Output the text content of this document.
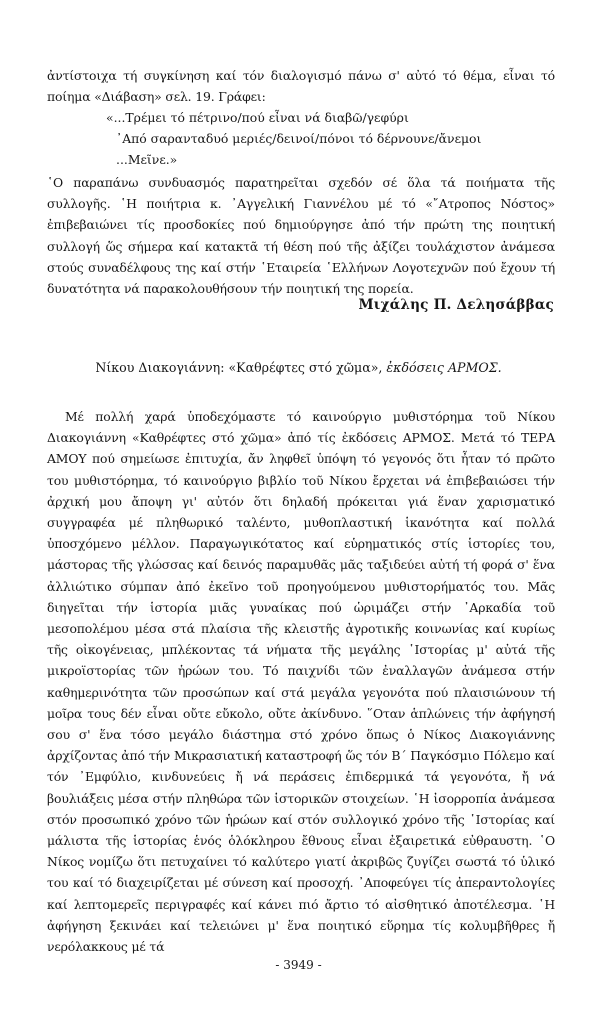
ἀντίστοιχα τή συγκίνηση καί τόν διαλογισμό πάνω σ' αὐτό τό θέμα, εἶναι τό ποίημα «Διάβαση» σελ. 19. Γράφει:

«...Τρέμει τό πέτρινο/πού εἶναι νά διαβῶ/γεφύρι

᾿Από σαρανταδυό μεριές/δεινοί/πόνοι τό δέρνουνε/ἄνεμοι

...Μεῖνε.»

῾Ο παραπάνω συνδυασμός παρατηρεῖται σχεδόν σέ ὅλα τά ποιήματα τῆς συλλογῆς. ῾Η ποιήτρια κ. ᾿Αγγελική Γιαννέλου μέ τό «῎Ατροπος Νόστος» ἐπιβεβαιώνει τίς προσδοκίες πού δημιούργησε ἀπό τήν πρώτη της ποιητική συλλογή ὥς σήμερα καί κατακτᾶ τή θέση πού τῆς ἀξίζει τουλάχιστον ἀνάμεσα στούς συναδέλφους της καί στήν ῾Εταιρεία ῾Ελλήνων Λογοτεχνῶν πού ἔχουν τή δυνατότητα νά παρακολουθήσουν τήν ποιητική της πορεία.

Μιχάλης Π. Δελησάββας

Νίκου Διακογιάννη: «Καθρέφτες στό χῶμα», ἐκδόσεις ΑΡΜΟΣ.

Μέ πολλή χαρά ὑποδεχόμαστε τό καινούργιο μυθιστόρημα τοῦ Νίκου Διακογιάννη «Καθρέφτες στό χῶμα» ἀπό τίς ἐκδόσεις ΑΡΜΟΣ. Μετά τό ΤΕΡΑ ΑΜΟΥ πού σημείωσε ἐπιτυχία, ἄν ληφθεῖ ὑπόψη τό γεγονός ὅτι ἦταν τό πρῶτο του μυθιστόρημα, τό καινούργιο βιβλίο τοῦ Νίκου ἔρχεται νά ἐπιβεβαιώσει τήν ἀρχική μου ἄποψη γι' αὐτόν ὅτι δηλαδή πρόκειται γιά ἕναν χαρισματικό συγγραφέα μέ πληθωρικό ταλέντο, μυθοπλαστική ἱκανότητα καί πολλά ὑποσχόμενο μέλλον. Παραγωγικότατος καί εὑρηματικός στίς ἱστορίες του, μάστορας τῆς γλώσσας καί δεινός παραμυθᾶς μᾶς ταξιδεύει αὐτή τή φορά σ' ἕνα ἀλλιώτικο σύμπαν ἀπό ἐκεῖνο τοῦ προηγούμενου μυθιστορήματός του. Μᾶς διηγεῖται τήν ἱστορία μιᾶς γυναίκας πού ὡριμάζει στήν ᾿Αρκαδία τοῦ μεσοπολέμου μέσα στά πλαίσια τῆς κλειστῆς ἀγροτικῆς κοινωνίας καί κυρίως τῆς οἰκογένειας, μπλέκοντας τά νήματα τῆς μεγάλης ῾Ιστορίας μ' αὐτά τῆς μικροϊστορίας τῶν ἡρώων του. Τό παιχνίδι τῶν ἐναλλαγῶν ἀνάμεσα στήν καθημερινότητα τῶν προσώπων καί στά μεγάλα γεγονότα πού πλαισιώνουν τή μοῖρα τους δέν εἶναι οὔτε εὔκολο, οὔτε ἀκίνδυνο. ῞Οταν ἁπλώνεις τήν ἀφήγησή σου σ' ἕνα τόσο μεγάλο διάστημα στό χρόνο ὅπως ὁ Νίκος Διακογιάννης ἀρχίζοντας ἀπό τήν Μικρασιατική καταστροφή ὥς τόν Β΄ Παγκόσμιο Πόλεμο καί τόν ᾿Εμφύλιο, κινδυνεύεις ἤ νά περάσεις ἐπιδερμικά τά γεγονότα, ἤ νά βουλιάξεις μέσα στήν πληθώρα τῶν ἱστορικῶν στοιχείων. ῾Η ἰσορροπία ἀνάμεσα στόν προσωπικό χρόνο τῶν ἡρώων καί στόν συλλογικό χρόνο τῆς ῾Ιστορίας καί μάλιστα τῆς ἱστορίας ἑνός ὁλόκληρου ἔθνους εἶναι ἐξαιρετικά εὐθραυστη. ῾Ο Νίκος νομίζω ὅτι πετυχαίνει τό καλύτερο γιατί ἀκριβῶς ζυγίζει σωστά τό ὑλικό του καί τό διαχειρίζεται μέ σύνεση καί προσοχή. ᾿Αποφεύγει τίς ἀπεραντολογίες καί λεπτομερεῖς περιγραφές καί κάνει πιό ἄρτιο τό αἰσθητικό ἀποτέλεσμα. ῾Η ἀφήγηση ξεκινάει καί τελειώνει μ' ἕνα ποιητικό εὕρημα τίς κολυμβῆθρες ἤ νερόλακκους μέ τά

- 3949 -
